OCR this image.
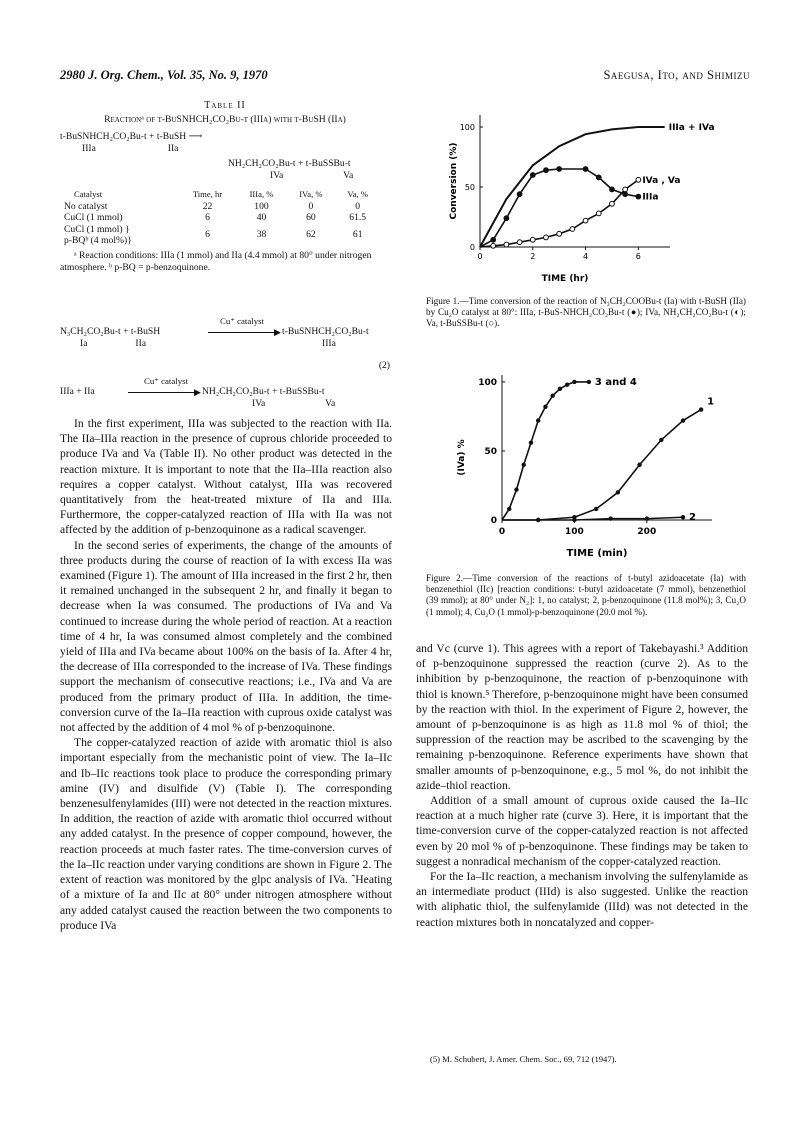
2980 J. Org. Chem., Vol. 35, No. 9, 1970	Saegusa, Ito, and Shimizu
Table II
Reactionᵃ of t-BuSNHCH₂CO₂Bu-t (IIIa) with t-BuSH (IIa)
t-BuSNHCH₂CO₂Bu-t + t-BuSH ⟶
IIIa                              IIa
NH₂CH₂CO₂Bu-t + t-BuSSBu-t
IVa                         Va
Catalyst	Time, hr	IIIa, %	IVa, %	Va, %
No catalyst	22	100	0	0
CuCl (1 mmol)	6	40	60	61.5
CuCl (1 mmol) }
p-BQᵇ (4 mol%)}	6	38	62	61
ᵃ Reaction conditions: IIIa (1 mmol) and IIa (4.4 mmol) at 80° under nitrogen atmosphere. ᵇ p-BQ = p-benzoquinone.
Cu⁺ catalyst
N₃CH₂CO₂Bu-t + t-BuSH	▶ t-BuSNHCH₂CO₂Bu-t
Ia                    IIa	IIIa
(2)
Cu⁺ catalyst
IIIa + IIa	▶ NH₂CH₂CO₂Bu-t + t-BuSSBu-t
IVa                         Va

In the first experiment, IIIa was subjected to the reaction with IIa. The IIa–IIIa reaction in the presence of cuprous chloride proceeded to produce IVa and Va (Table II). No other product was detected in the reaction mixture. It is important to note that the IIa–IIIa reaction also requires a copper catalyst. Without catalyst, IIIa was recovered quantitatively from the heat-treated mixture of IIa and IIIa. Furthermore, the copper-catalyzed reaction of IIIa with IIa was not affected by the addition of p-benzoquinone as a radical scavenger.

In the second series of experiments, the change of the amounts of three products during the course of reaction of Ia with excess IIa was examined (Figure 1). The amount of IIIa increased in the first 2 hr, then it remained unchanged in the subsequent 2 hr, and finally it began to decrease when Ia was consumed. The productions of IVa and Va continued to increase during the whole period of reaction. At a reaction time of 4 hr, Ia was consumed almost completely and the combined yield of IIIa and IVa became about 100% on the basis of Ia. After 4 hr, the decrease of IIIa corresponded to the increase of IVa. These findings support the mechanism of consecutive reactions; i.e., IVa and Va are produced from the primary product of IIIa. In addition, the time-conversion curve of the Ia–IIa reaction with cuprous oxide catalyst was not affected by the addition of 4 mol % of p-benzoquinone.

The copper-catalyzed reaction of azide with aromatic thiol is also important especially from the mechanistic point of view. The Ia–IIc and Ib–IIc reactions took place to produce the corresponding primary amine (IV) and disulfide (V) (Table I). The corresponding benzenesulfenylamides (III) were not detected in the reaction mixtures. In addition, the reaction of azide with aromatic thiol occurred without any added catalyst. In the presence of copper compound, however, the reaction proceeds at much faster rates. The time-conversion curves of the Ia–IIc reaction under varying conditions are shown in Figure 2. The extent of reaction was monitored by the glpc analysis of IVa. ˆHeating of a mixture of Ia and IIc at 80° under nitrogen atmosphere without any added catalyst caused the reaction between the two components to produce IVa

0	2	4	6
0
50
100
TIME (hr)
Conversion (%)
IIIa + IVa
IVa , Va
IIIa
Figure 1.—Time conversion of the reaction of N₃CH₂COOBu-t (Ia) with t-BuSH (IIa) by Cu₂O catalyst at 80°: IIIa, t-BuS-NHCH₂CO₂Bu-t (●); IVa, NH₂CH₂CO₂Bu-t (◐); Va, t-BuSSBu-t (○).
0	100	200
0
50
100
TIME (min)
(IVa) %
3 and 4
1
2
Figure 2.—Time conversion of the reactions of t-butyl azidoacetate (Ia) with benzenethiol (IIc) [reaction conditions: t-butyl azidoacetate (7 mmol), benzenethiol (39 mmol); at 80° under N₂]: 1, no catalyst; 2, p-benzoquinone (11.8 mol%); 3, Cu₂O (1 mmol); 4, Cu₂O (1 mmol)-p-benzoquinone (20.0 mol %).

and Vc (curve 1). This agrees with a report of Takebayashi.³ Addition of p-benzoquinone suppressed the reaction (curve 2). As to the inhibition by p-benzoquinone, the reaction of p-benzoquinone with thiol is known.⁵ Therefore, p-benzoquinone might have been consumed by the reaction with thiol. In the experiment of Figure 2, however, the amount of p-benzoquinone is as high as 11.8 mol % of thiol; the suppression of the reaction may be ascribed to the scavenging by the remaining p-benzoquinone. Reference experiments have shown that smaller amounts of p-benzoquinone, e.g., 5 mol %, do not inhibit the azide–thiol reaction.

Addition of a small amount of cuprous oxide caused the Ia–IIc reaction at a much higher rate (curve 3). Here, it is important that the time-conversion curve of the copper-catalyzed reaction is not affected even by 20 mol % of p-benzoquinone. These findings may be taken to suggest a nonradical mechanism of the copper-catalyzed reaction.

For the Ia–IIc reaction, a mechanism involving the sulfenylamide as an intermediate product (IIId) is also suggested. Unlike the reaction with aliphatic thiol, the sulfenylamide (IIId) was not detected in the reaction mixtures both in noncatalyzed and copper-

(5) M. Schubert, J. Amer. Chem. Soc., 69, 712 (1947).
